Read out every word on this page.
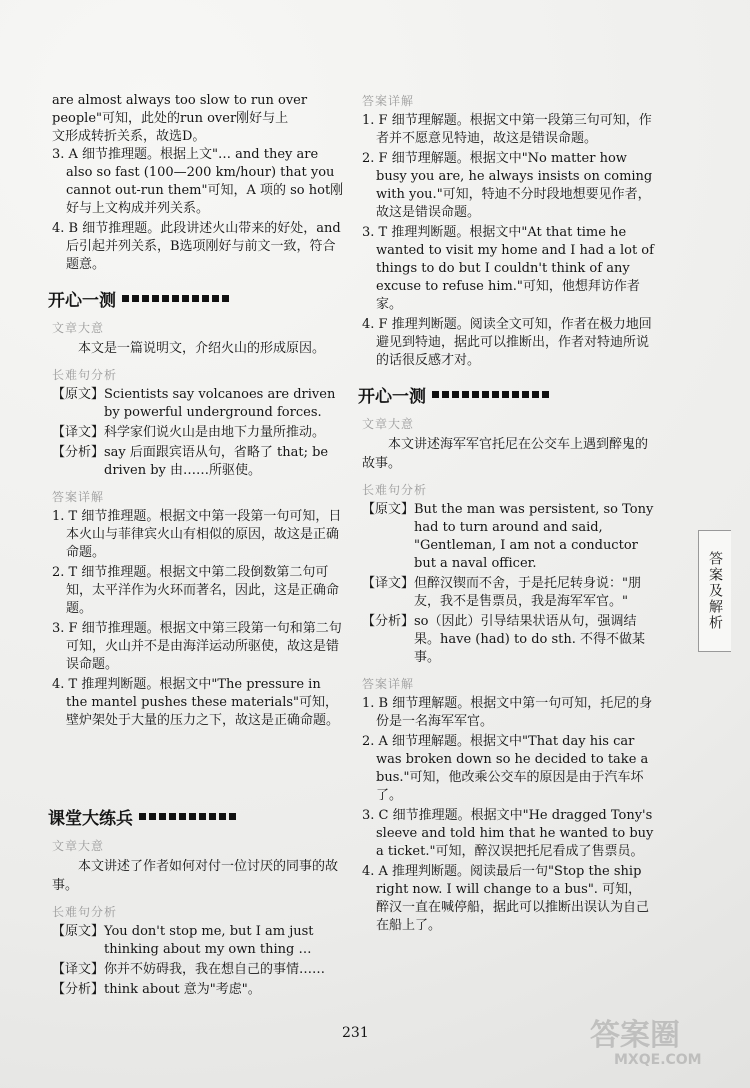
are almost always too slow to run over
people"可知，此处的run over刚好与上
文形成转折关系，故选D。
3. A 细节推理题。根据上文"… and they are also so fast (100—200 km/hour) that you cannot out-run them"可知，A 项的 so hot刚好与上文构成并列关系。
4. B 细节推理题。此段讲述火山带来的好处，and后引起并列关系，B选项刚好与前文一致，符合题意。
开心一测
文章大意
本文是一篇说明文，介绍火山的形成原因。
长难句分析
【原文】 Scientists say volcanoes are driven by powerful underground forces.
【译文】 科学家们说火山是由地下力量所推动。
【分析】 say 后面跟宾语从句，省略了 that; be driven by 由……所驱使。
答案详解
1. T 细节推理题。根据文中第一段第一句可知，日本火山与菲律宾火山有相似的原因，故这是正确命题。
2. T 细节推理题。根据文中第二段倒数第二句可知，太平洋作为火环而著名，因此，这是正确命题。
3. F 细节推理题。根据文中第三段第一句和第二句可知，火山并不是由海洋运动所驱使，故这是错误命题。
4. T 推理判断题。根据文中"The pressure in the mantel pushes these materials"可知，壁炉架处于大量的压力之下，故这是正确命题。
课堂大练兵
文章大意
本文讲述了作者如何对付一位讨厌的同事的故事。
长难句分析
【原文】 You don't stop me, but I am just thinking about my own thing …
【译文】 你并不妨碍我，我在想自己的事情……
【分析】 think about 意为"考虑"。
答案详解
1. F 细节理解题。根据文中第一段第三句可知，作者并不愿意见特迪，故这是错误命题。
2. F 细节理解题。根据文中"No matter how busy you are, he always insists on coming with you."可知，特迪不分时段地想要见作者，故这是错误命题。
3. T 推理判断题。根据文中"At that time he wanted to visit my home and I had a lot of things to do but I couldn't think of any excuse to refuse him."可知，他想拜访作者家。
4. F 推理判断题。阅读全文可知，作者在极力地回避见到特迪，据此可以推断出，作者对特迪所说的话很反感才对。
开心一测
文章大意
本文讲述海军军官托尼在公交车上遇到醉鬼的故事。
长难句分析
【原文】 But the man was persistent, so Tony had to turn around and said, "Gentleman, I am not a conductor but a naval officer.
【译文】 但醉汉锲而不舍，于是托尼转身说："朋友，我不是售票员，我是海军军官。"
【分析】 so（因此）引导结果状语从句，强调结果。have (had) to do sth. 不得不做某事。
答案详解
1. B 细节理解题。根据文中第一句可知，托尼的身份是一名海军军官。
2. A 细节理解题。根据文中"That day his car was broken down so he decided to take a bus."可知，他改乘公交车的原因是由于汽车坏了。
3. C 细节推理题。根据文中"He dragged Tony's sleeve and told him that he wanted to buy a ticket."可知，醉汉误把托尼看成了售票员。
4. A 推理判断题。阅读最后一句"Stop the ship right now. I will change to a bus". 可知，醉汉一直在喊停船，据此可以推断出误认为自己在船上了。
答案及解析
231	答案圈
MXQE.COM
